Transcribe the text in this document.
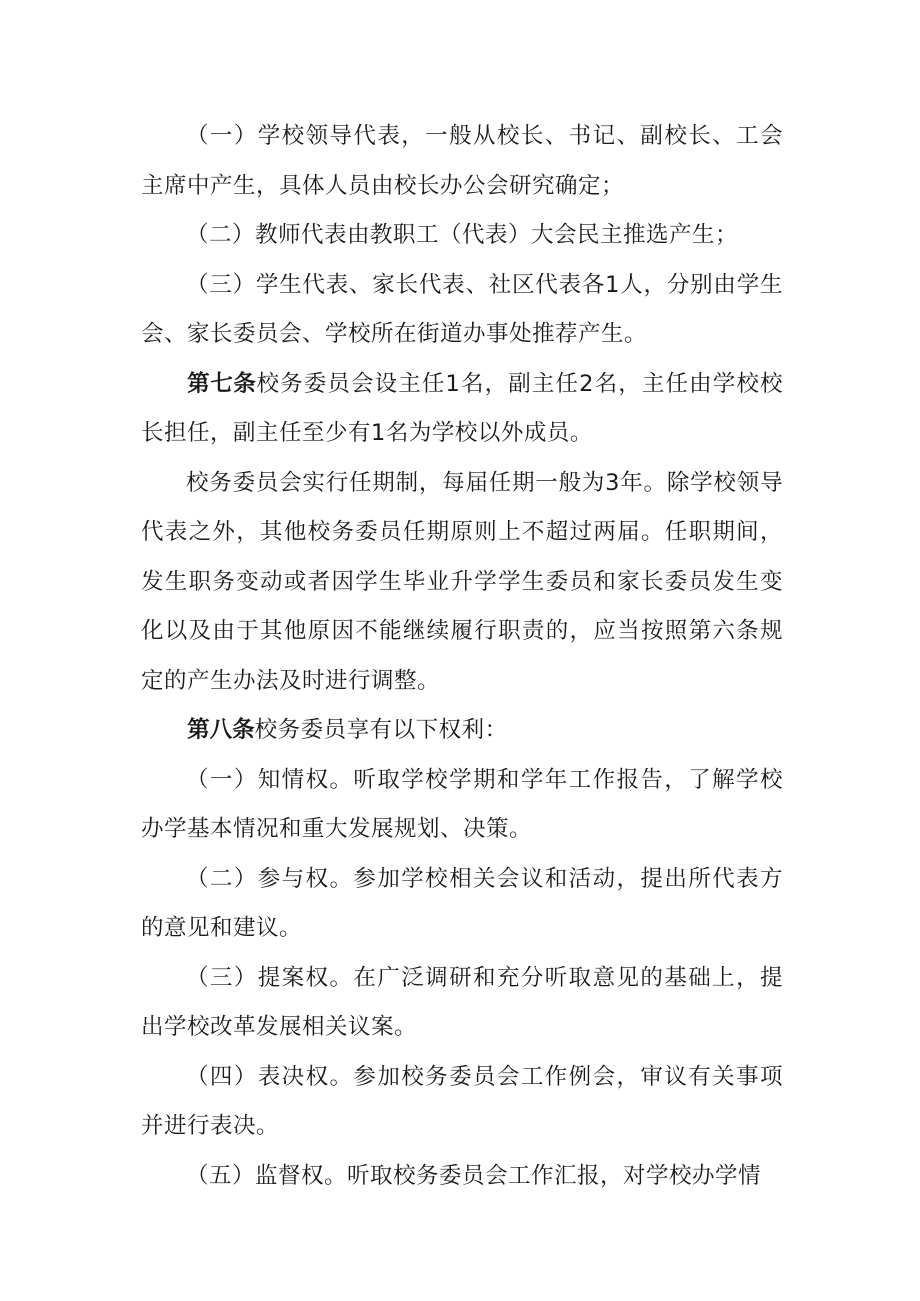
（一）学校领导代表，一般从校长、书记、副校长、工会主席中产生，具体人员由校长办公会研究确定；

（二）教师代表由教职工（代表）大会民主推选产生；

（三）学生代表、家长代表、社区代表各1人，分别由学生会、家长委员会、学校所在街道办事处推荐产生。

第七条校务委员会设主任1名，副主任2名，主任由学校校长担任，副主任至少有1名为学校以外成员。

校务委员会实行任期制，每届任期一般为3年。除学校领导代表之外，其他校务委员任期原则上不超过两届。任职期间，发生职务变动或者因学生毕业升学学生委员和家长委员发生变化以及由于其他原因不能继续履行职责的，应当按照第六条规定的产生办法及时进行调整。

第八条校务委员享有以下权利：

（一）知情权。听取学校学期和学年工作报告，了解学校办学基本情况和重大发展规划、决策。

（二）参与权。参加学校相关会议和活动，提出所代表方的意见和建议。

（三）提案权。在广泛调研和充分听取意见的基础上，提出学校改革发展相关议案。

（四）表决权。参加校务委员会工作例会，审议有关事项并进行表决。

（五）监督权。听取校务委员会工作汇报，对学校办学情
